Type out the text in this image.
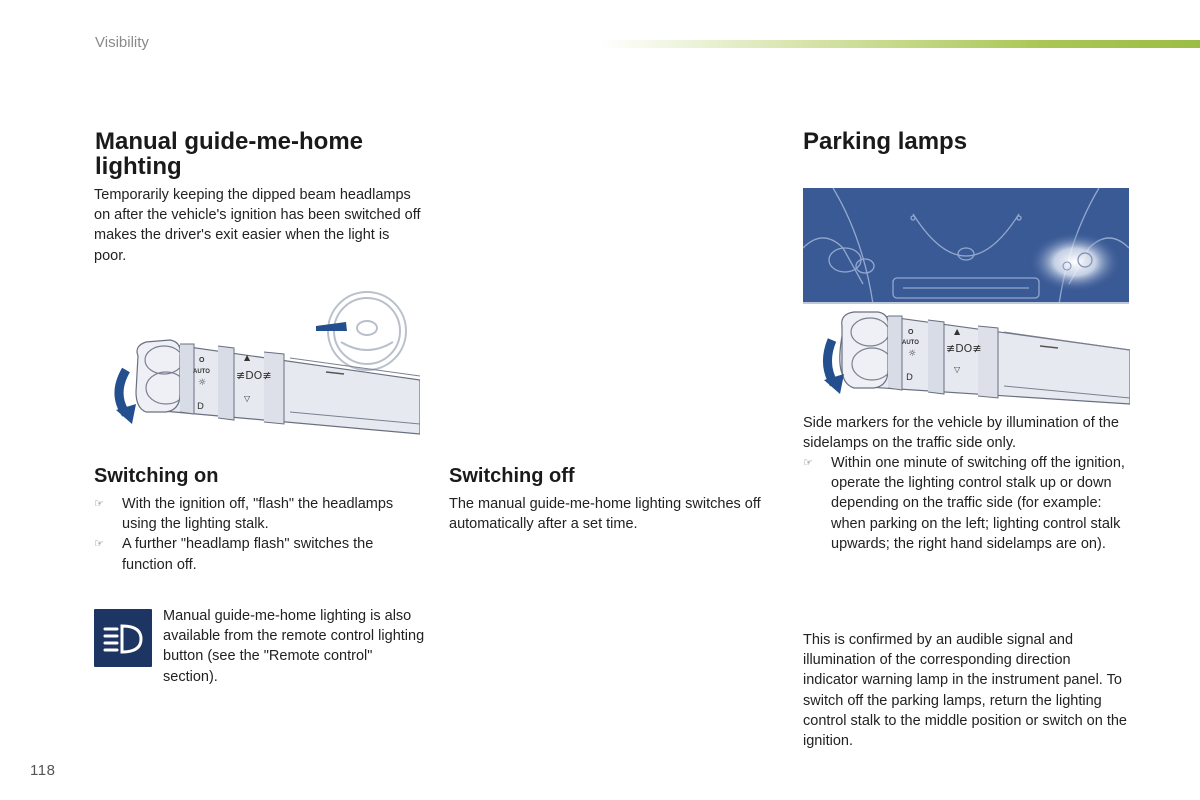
Visibility
Manual guide-me-home lighting

Temporarily keeping the dipped beam headlamps on after the vehicle's ignition has been switched off makes the driver's exit easier when the light is poor.

O
AUTO
☼
D
▲
≢DO≢
▽
Switching on
☞ With the ignition off, "flash" the headlamps using the lighting stalk.
☞ A further "headlamp flash" switches the function off.

Manual guide-me-home lighting is also available from the remote control lighting button (see the "Remote control" section).

Switching off

The manual guide-me-home lighting switches off automatically after a set time.

Parking lamps
O
AUTO
☼
D
▲
≢DO≢
▽

Side markers for the vehicle by illumination of the sidelamps on the traffic side only.

☞ Within one minute of switching off the ignition, operate the lighting control stalk up or down depending on the traffic side (for example: when parking on the left; lighting control stalk upwards; the right hand sidelamps are on).

This is confirmed by an audible signal and illumination of the corresponding direction indicator warning lamp in the instrument panel. To switch off the parking lamps, return the lighting control stalk to the middle position or switch on the ignition.

118
